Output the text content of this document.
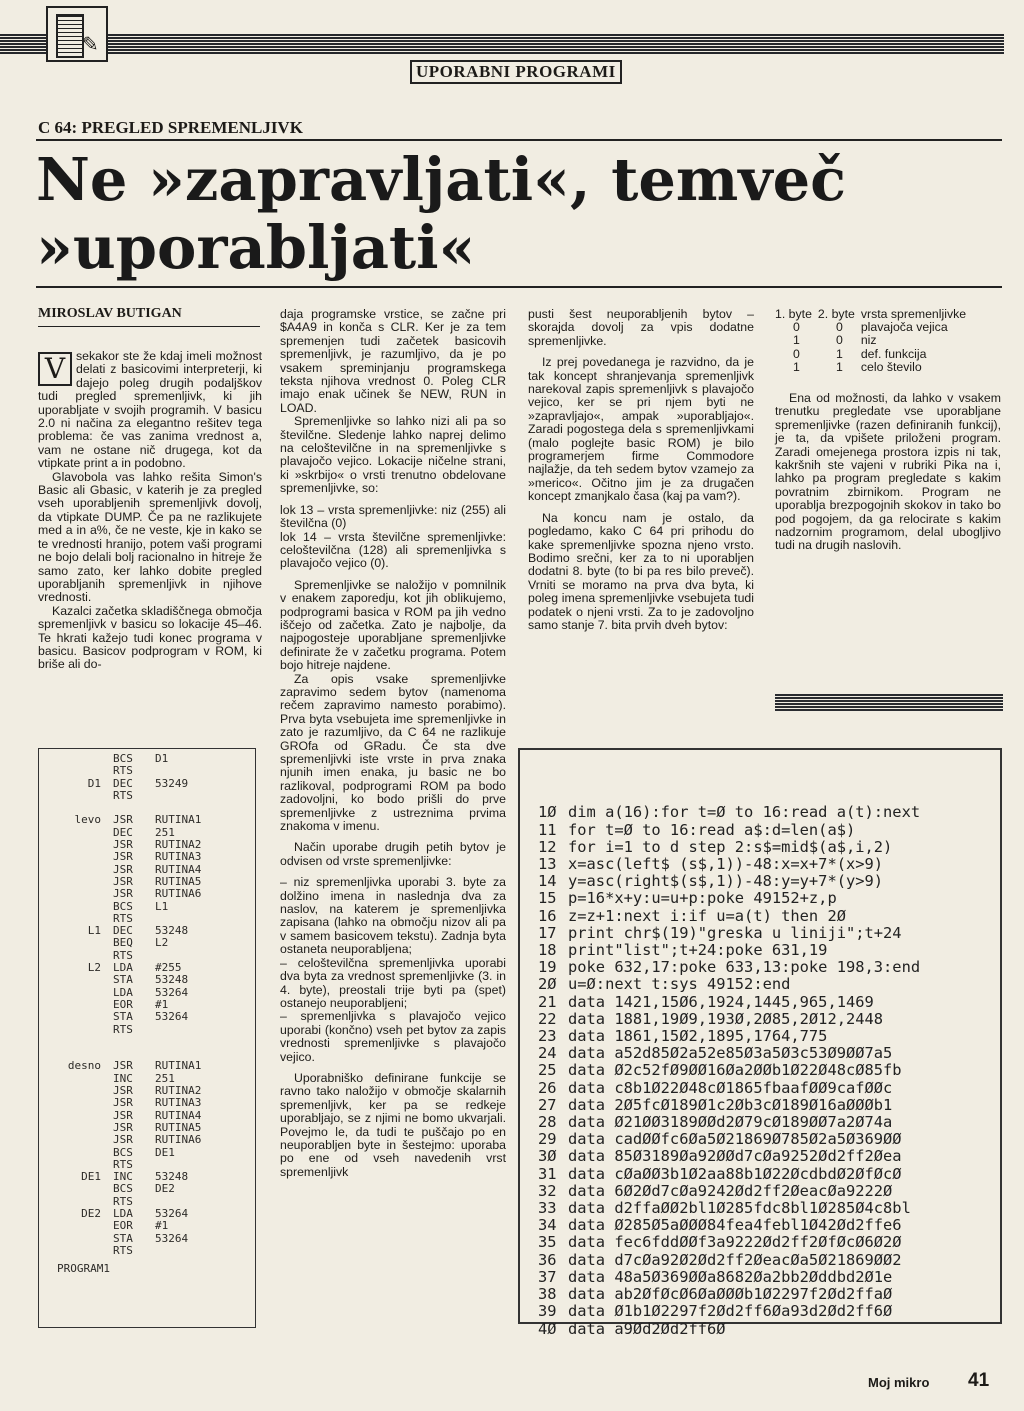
✎
UPORABNI PROGRAMI
C 64: PREGLED SPREMENLJIVK
Ne »zapravljati«, temveč
»uporabljati«
MIROSLAV BUTIGAN
V sekakor ste že kdaj imeli možnost delati z basicovimi interpreterji, ki dajejo poleg drugih podaljškov tudi pregled spremenljivk, ki jih uporabljate v svojih programih. V basicu 2.0 ni načina za elegantno rešitev tega problema: če vas zanima vrednost a, vam ne ostane nič drugega, kot da vtipkate print a in podobno.

Glavobola vas lahko rešita Simon's Basic ali Gbasic, v katerih je za pregled vseh uporabljenih spremenljivk dovolj, da vtipkate DUMP. Če pa ne razlikujete med a in a%, če ne veste, kje in kako se te vrednosti hranijo, potem vaši programi ne bojo delali bolj racionalno in hitreje že samo zato, ker lahko dobite pregled uporabljanih spremenljivk in njihove vrednosti.

Kazalci začetka skladiščnega območja spremenljivk v basicu so lokacije 45–46. Te hkrati kažejo tudi konec programa v basicu. Basicov podprogram v ROM, ki briše ali do-

daja programske vrstice, se začne pri $A4A9 in konča s CLR. Ker je za tem spremenjen tudi začetek basicovih spremenljivk, je razumljivo, da je po vsakem spreminjanju programskega teksta njihova vrednost 0. Poleg CLR imajo enak učinek še NEW, RUN in LOAD.

Spremenljivke so lahko nizi ali pa so številčne. Sledenje lahko naprej delimo na celoštevilčne in na spremenljivke s plavajočo vejico. Lokacije ničelne strani, ki »skrbijo« o vrsti trenutno obdelovane spremenljivke, so:

lok 13 – vrsta spremenljivke: niz (255) ali številčna (0)

lok 14 – vrsta številčne spremenljivke: celoštevilčna (128) ali spremenljivka s plavajočo vejico (0).

Spremenljivke se naložijo v pomnilnik v enakem zaporedju, kot jih oblikujemo, podprogrami basica v ROM pa jih vedno iščejo od začetka. Zato je najbolje, da najpogosteje uporabljane spremenljivke definirate že v začetku programa. Potem bojo hitreje najdene.

Za opis vsake spremenljivke zapravimo sedem bytov (namenoma rečem zapravimo namesto porabimo). Prva byta vsebujeta ime spremenljivke in zato je razumljivo, da C 64 ne razlikuje GROfa od GRadu. Če sta dve spremenljivki iste vrste in prva znaka njunih imen enaka, ju basic ne bo razlikoval, podprogrami ROM pa bodo zadovoljni, ko bodo prišli do prve spremenljivke z ustreznima prvima znakoma v imenu.

Način uporabe drugih petih bytov je odvisen od vrste spremenljivke:

– niz spremenljivka uporabi 3. byte za dolžino imena in naslednja dva za naslov, na katerem je spremenljivka zapisana (lahko na območju nizov ali pa v samem basicovem tekstu). Zadnja byta ostaneta neuporabljena;

– celoštevilčna spremenljivka uporabi dva byta za vrednost spremenljivke (3. in 4. byte), preostali trije byti pa (spet) ostanejo neuporabljeni;

– spremenljivka s plavajočo vejico uporabi (končno) vseh pet bytov za zapis vrednosti spremenljivke s plavajočo vejico.

Uporabniško definirane funkcije se ravno tako naložijo v območje skalarnih spremenljivk, ker pa se redkeje uporabljajo, se z njimi ne bomo ukvarjali. Povejmo le, da tudi te puščajo po en neuporabljen byte in šestejmo: uporaba po ene od vseh navedenih vrst spremenljivk

pusti šest neuporabljenih bytov – skorajda dovolj za vpis dodatne spremenljivke.

Iz prej povedanega je razvidno, da je tak koncept shranjevanja spremenljivk narekoval zapis spremenljivk s plavajočo vejico, ker se pri njem byti ne »zapravljajo«, ampak »uporabljajo«. Zaradi pogostega dela s spremenljivkami (malo poglejte basic ROM) je bilo programerjem firme Commodore najlažje, da teh sedem bytov vzamejo za »merico«. Očitno jim je za drugačen koncept zmanjkalo časa (kaj pa vam?).

Na koncu nam je ostalo, da pogledamo, kako C 64 pri prihodu do kake spremenljivke spozna njeno vrsto. Bodimo srečni, ker za to ni uporabljen dodatni 8. byte (to bi pa res bilo preveč). Vrniti se moramo na prva dva byta, ki poleg imena spremenljivke vsebujeta tudi podatek o njeni vrsti. Za to je zadovoljno samo stanje 7. bita prvih dveh bytov:

1. byte	2. byte	vrsta spremenljivke
0	0	plavajoča vejica
1	0	niz
0	1	def. funkcija
1	1	celo število

Ena od možnosti, da lahko v vsakem trenutku pregledate vse uporabljane spremenljivke (razen definiranih funkcij), je ta, da vpišete priloženi program. Zaradi omejenega prostora izpis ni tak, kakršnih ste vajeni v rubriki Pika na i, lahko pa program pregledate s kakim povratnim zbirnikom. Program ne uporablja brezpogojnih skokov in tako bo pod pogojem, da ga relocirate s kakim nadzornim programom, delal ubogljivo tudi na drugih naslovih.

BCS	D1
RTS
D1	DEC	53249
RTS
levo	JSR	RUTINA1
DEC	251
JSR	RUTINA2
JSR	RUTINA3
JSR	RUTINA4
JSR	RUTINA5
JSR	RUTINA6
BCS	L1
RTS
L1	DEC	53248
BEQ	L2
RTS
L2	LDA	#255
STA	53248
LDA	53264
EOR	#1
STA	53264
RTS
desno	JSR	RUTINA1
INC	251
JSR	RUTINA2
JSR	RUTINA3
JSR	RUTINA4
JSR	RUTINA5
JSR	RUTINA6
BCS	DE1
RTS
DE1	INC	53248
BCS	DE2
RTS
DE2	LDA	53264
EOR	#1
STA	53264
RTS
PROGRAM1

1Ø dim a(16):for t=Ø to 16:read a(t):next
11 for t=Ø to 16:read a$:d=len(a$)
12 for i=1 to d step 2:s$=mid$(a$,i,2)
13 x=asc(left$ (s$,1))-48:x=x+7*(x>9)
14 y=asc(right$(s$,1))-48:y=y+7*(y>9)
15 p=16*x+y:u=u+p:poke 49152+z,p
16 z=z+1:next i:if u=a(t) then 2Ø
17 print chr$(19)"greska u liniji";t+24
18 print"list";t+24:poke 631,19
19 poke 632,17:poke 633,13:poke 198,3:end
2Ø u=Ø:next t:sys 49152:end
21 data 1421,15Ø6,1924,1445,965,1469
22 data 1881,19Ø9,193Ø,2Ø85,2Ø12,2448
23 data 1861,15Ø2,1895,1764,775
24 data a52d85Ø2a52e85Ø3a5Ø3c53Ø9ØØ7a5
25 data Ø2c52fØ9ØØ16Øa2ØØb1Ø22Ø48cØ85fb
26 data c8b1Ø22Ø48cØ1865fbaafØØ9cafØØc
27 data 2Ø5fcØ189Ø1c2Øb3cØ189Ø16aØØØb1
28 data Ø21ØØ3189ØØd2Ø79cØ189ØØ7a2Ø74a
29 data cadØØfc6Øa5Ø21869Ø785Ø2a5Ø369ØØ
3Ø data 85Ø3189Øa92ØØd7cØa9252Ød2ff2Øea
31 data cØaØØ3b1Ø2aa88b1Ø22ØcdbdØ2ØfØcØ
32 data 6Ø2Ød7cØa9242Ød2ff2ØeacØa9222Ø
33 data d2ffaØØ2bl1Ø285fdc8bl1Ø285Ø4c8bl
34 data Ø285Ø5aØØØ84fea4febl1Ø42Ød2ffe6
35 data fec6fddØØf3a9222Ød2ff2ØfØcØ6Ø2Ø
36 data d7cØa92Ø2Ød2ff2ØeacØa5Ø21869ØØ2
37 data 48a5Ø369ØØa8682Øa2bb2Øddbd2Ø1e
38 data ab2ØfØcØ6ØaØØØb1Ø2297f2Ød2ffaØ
39 data Ø1b1Ø2297f2Ød2ff6Øa93d2Ød2ff6Ø
4Ø data a9Ød2Ød2ff6Ø

Moj mikro 41
